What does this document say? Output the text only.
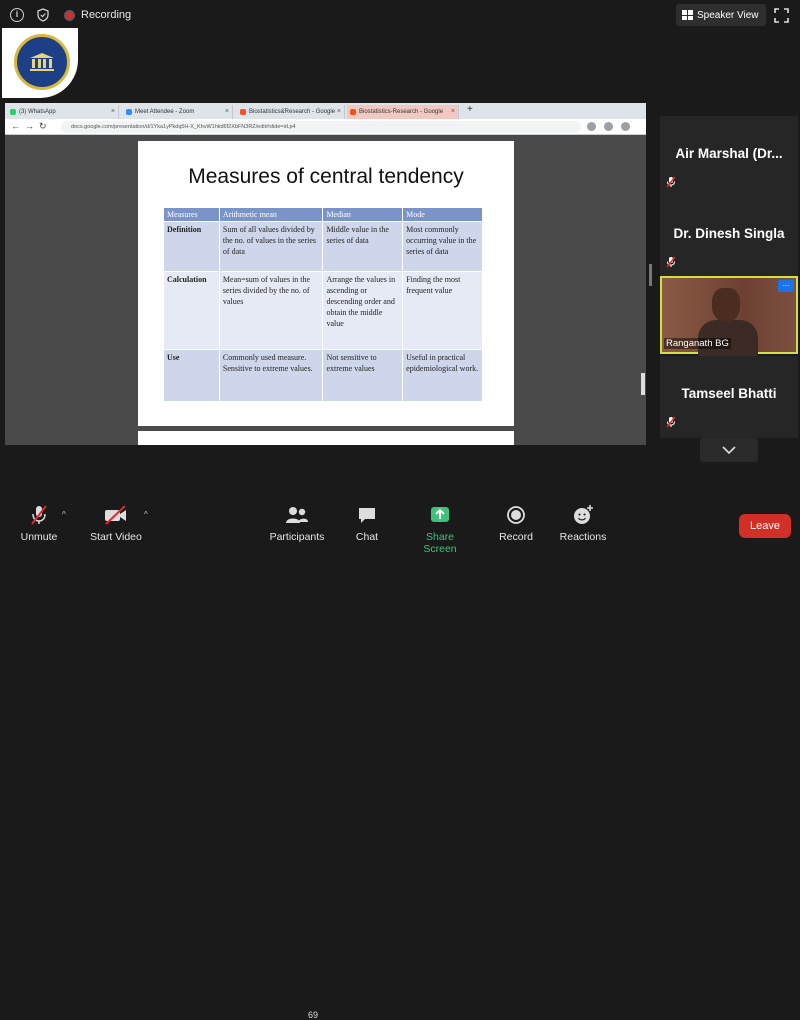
i	Recording	Speaker View
(3) WhatsApp	×	Meet Attendee - Zoom	×	Biostatistics&Research - Google ×	Biostatistics-Research - Google × +
← → ↻	docs.google.com/presentation/d/1Yka1yPkdq5H-X_KhvW1hkd6f2XbFN3RZ/edit#slide=id.p4
Measures of central tendency
Measures	Arithmetic mean	Median	Mode
Definition	Sum of all values divided by the no. of values in the series of data	Middle value in the series of data	Most commonly occurring value in the series of data
Calculation	Mean=sum of values in the series divided by the no. of values	Arrange the values in ascending or descending order and obtain the middle value	Finding the most frequent value
Use	Commonly used measure. Sensitive to extreme values.	Not sensitive to extreme values	Useful in practical epidemiological work.
Air Marshal (Dr...
Dr. Dinesh Singla
...
Ranganath BG
Tamseel Bhatti
Unmute
^
Start Video
^
Participants
69
Chat	Share Screen
Record	Reactions
Leave
